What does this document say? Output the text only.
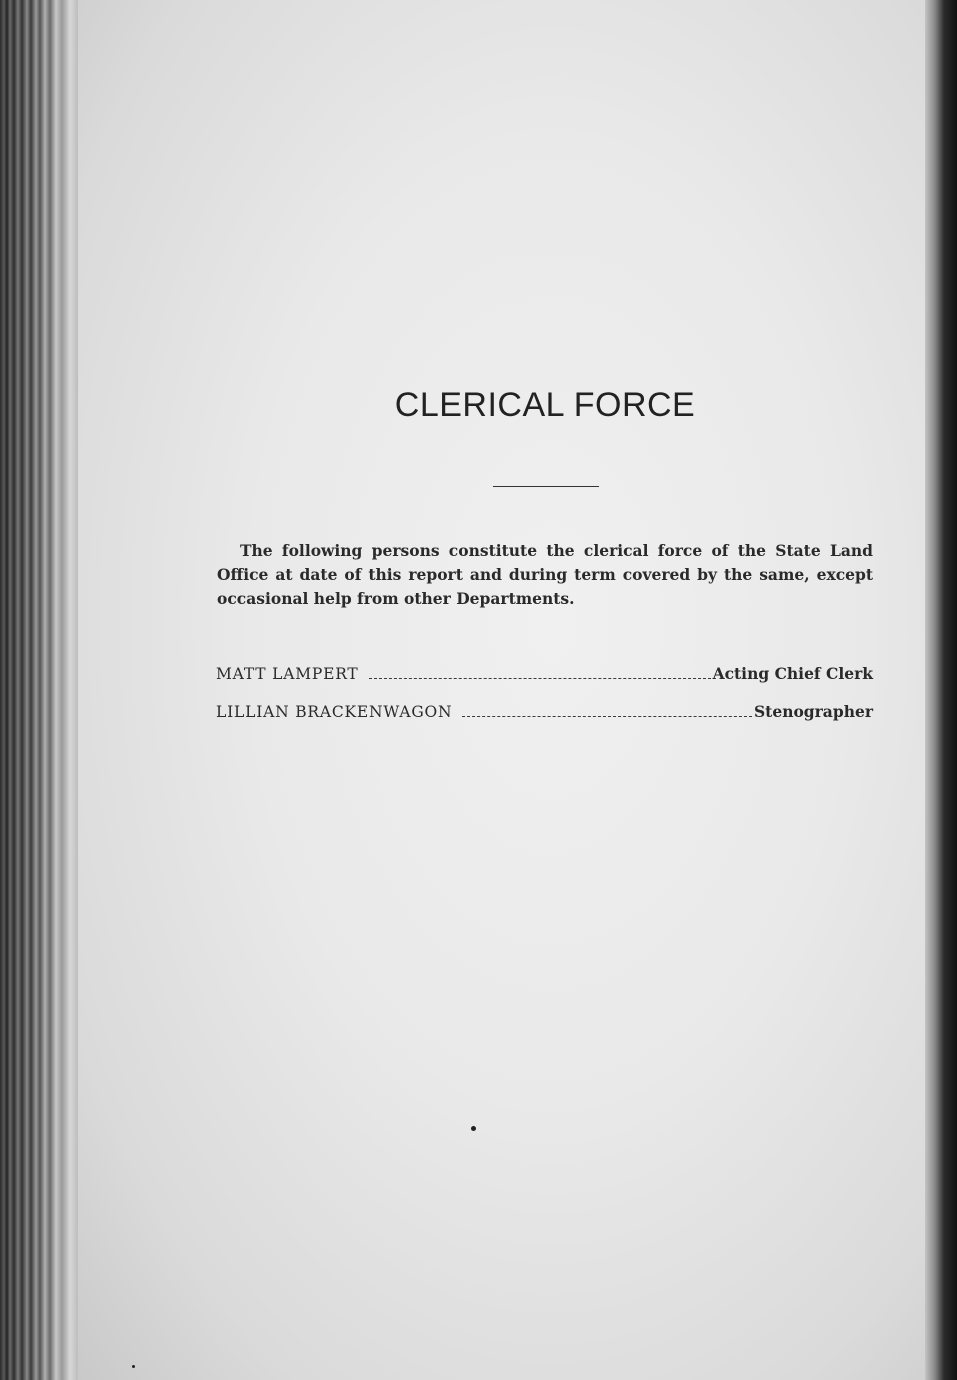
CLERICAL FORCE

The following persons constitute the clerical force of the State Land Office at date of this report and during term covered by the same, except occasional help from other Departments.

MATT LAMPERT	Acting Chief Clerk
LILLIAN BRACKENWAGON	Stenographer
